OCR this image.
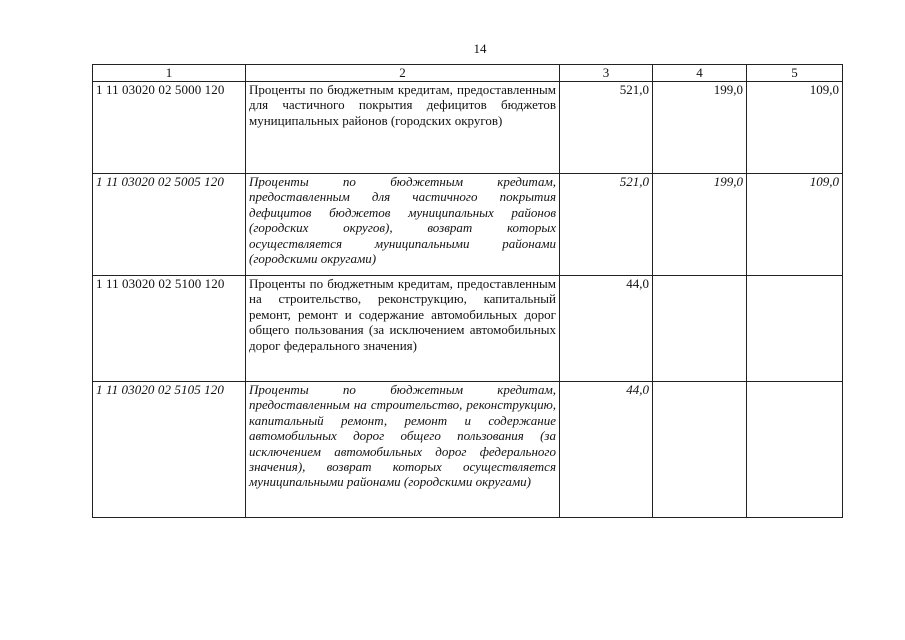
14
1	2	3	4	5
1 11 03020 02 5000 120	Проценты по бюджетным кредитам, предоставленным для частичного покрытия дефицитов бюджетов муниципальных районов (городских округов)	521,0	199,0	109,0
1 11 03020 02 5005 120	Проценты по бюджетным кредитам, предоставленным для частичного покрытия дефицитов бюджетов муниципальных районов (городских округов), возврат которых осуществляется муниципальными районами (городскими округами)	521,0	199,0	109,0
1 11 03020 02 5100 120	Проценты по бюджетным кредитам, предоставленным на строительство, реконструкцию, капитальный ремонт, ремонт и содержание автомобильных дорог общего пользования (за исключением автомобильных дорог федерального значения)	44,0		
1 11 03020 02 5105 120	Проценты по бюджетным кредитам, предоставленным на строительство, реконструкцию, капитальный ремонт, ремонт и содержание автомобильных дорог общего пользования (за исключением автомобильных дорог федерального значения), возврат которых осуществляется муниципальными районами (городскими округами)	44,0		
